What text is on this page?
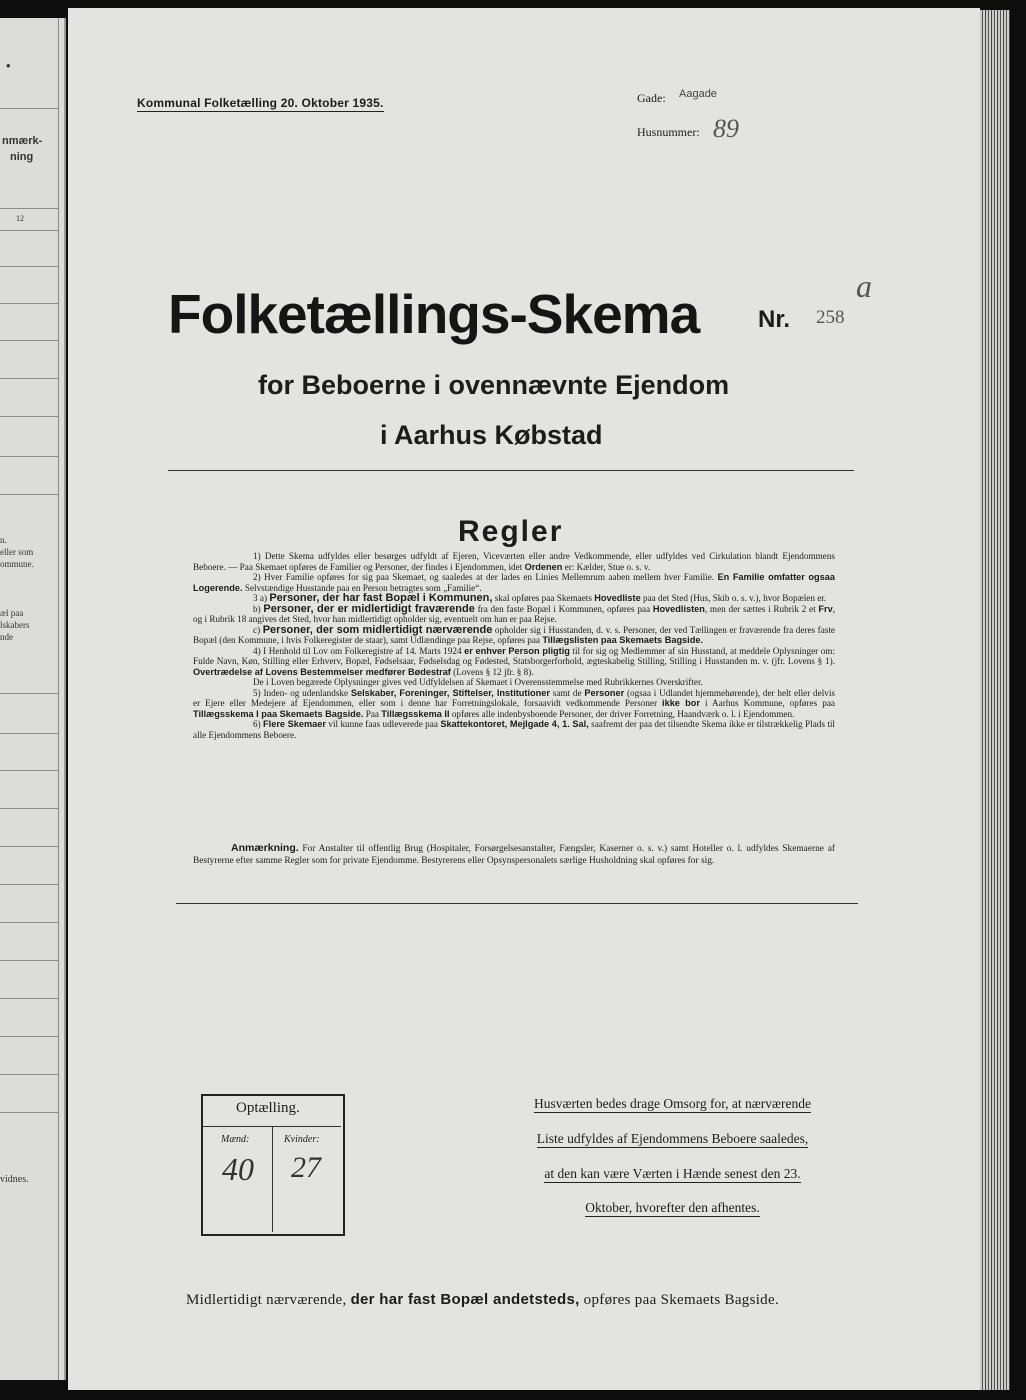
•
nmærk-
ning
12
n.
eller som
ommune.
æl paa
lskabers
nde
vidnes.
Kommunal Folketælling 20. Oktober 1935.	Gade: Aagade
Husnummer: 89
Folketællings-Skema Nr. 258
a
for Beboerne i ovennævnte Ejendom
i Aarhus Købstad
Regler

1) Dette Skema udfyldes eller besørges udfyldt af Ejeren, Viceværten eller andre Vedkommende, eller udfyldes ved Cirkulation blandt Ejendommens Beboere. — Paa Skemaet opføres de Familier og Personer, der findes i Ejendommen, idet Ordenen er: Kælder, Stue o. s. v.

2) Hver Familie opføres for sig paa Skemaet, og saaledes at der lades en Linies Mellemrum aaben mellem hver Familie. En Familie omfatter ogsaa Logerende. Selvstændige Husstande paa en Person betragtes som „Familie“.

3 a) Personer, der har fast Bopæl i Kommunen, skal opføres paa Skemaets Hovedliste paa det Sted (Hus, Skib o. s. v.), hvor Bopælen er.

b) Personer, der er midlertidigt fraværende fra den faste Bopæl i Kommunen, opføres paa Hovedlisten, men der sættes i Rubrik 2 et Frv, og i Rubrik 18 angives det Sted, hvor han midlertidigt opholder sig, eventuelt om han er paa Rejse.

c) Personer, der som midlertidigt nærværende opholder sig i Husstanden, d. v. s. Personer, der ved Tællingen er fraværende fra deres faste Bopæl (den Kommune, i hvis Folkeregister de staar), samt Udlændinge paa Rejse, opføres paa Tillægslisten paa Skemaets Bagside.

4) I Henhold til Lov om Folkeregistre af 14. Marts 1924 er enhver Person pligtig til for sig og Medlemmer af sin Husstand, at meddele Oplysninger om: Fulde Navn, Køn, Stilling eller Erhverv, Bopæl, Fødselsaar, Fødselsdag og Fødested, Statsborgerforhold, ægteskabelig Stilling, Stilling i Husstanden m. v. (jfr. Lovens § 1). Overtrædelse af Lovens Bestemmelser medfører Bødestraf (Lovens § 12 jfr. § 8).

De i Loven begærede Oplysninger gives ved Udfyldelsen af Skemaet i Overensstemmelse med Rubrikkernes Overskrifter.

5) Inden- og udenlandske Selskaber, Foreninger, Stiftelser, Institutioner samt de Personer (ogsaa i Udlandet hjemmehørende), der helt eller delvis er Ejere eller Medejere af Ejendommen, eller som i denne har Forretningslokale, forsaavidt vedkommende Personer ikke bor i Aarhus Kommune, opføres paa Tillægsskema I paa Skemaets Bagside. Paa Tillægsskema II opføres alle indenbysboende Personer, der driver Forretning, Haandværk o. l. i Ejendommen.

6) Flere Skemaer vil kunne faas udleverede paa Skattekontoret, Mejlgade 4, 1. Sal, saafremt der paa det tilsendte Skema ikke er tilstrækkelig Plads til alle Ejendommens Beboere.

Anmærkning. For Anstalter til offentlig Brug (Hospitaler, Forsørgelsesanstalter, Fængsler, Kaserner o. s. v.) samt Hoteller o. l. udfyldes Skemaerne af Bestyrerne efter samme Regler som for private Ejendomme. Bestyrerens eller Opsynspersonalets særlige Husholdning skal opføres for sig.
Optælling.
Mænd:	Kvinder:
40 27
Husværten bedes drage Omsorg for, at nærværende
Liste udfyldes af Ejendommens Beboere saaledes,
at den kan være Værten i Hænde senest den 23.
Oktober, hvorefter den afhentes.
Midlertidigt nærværende, der har fast Bopæl andetsteds, opføres paa Skemaets Bagside.
